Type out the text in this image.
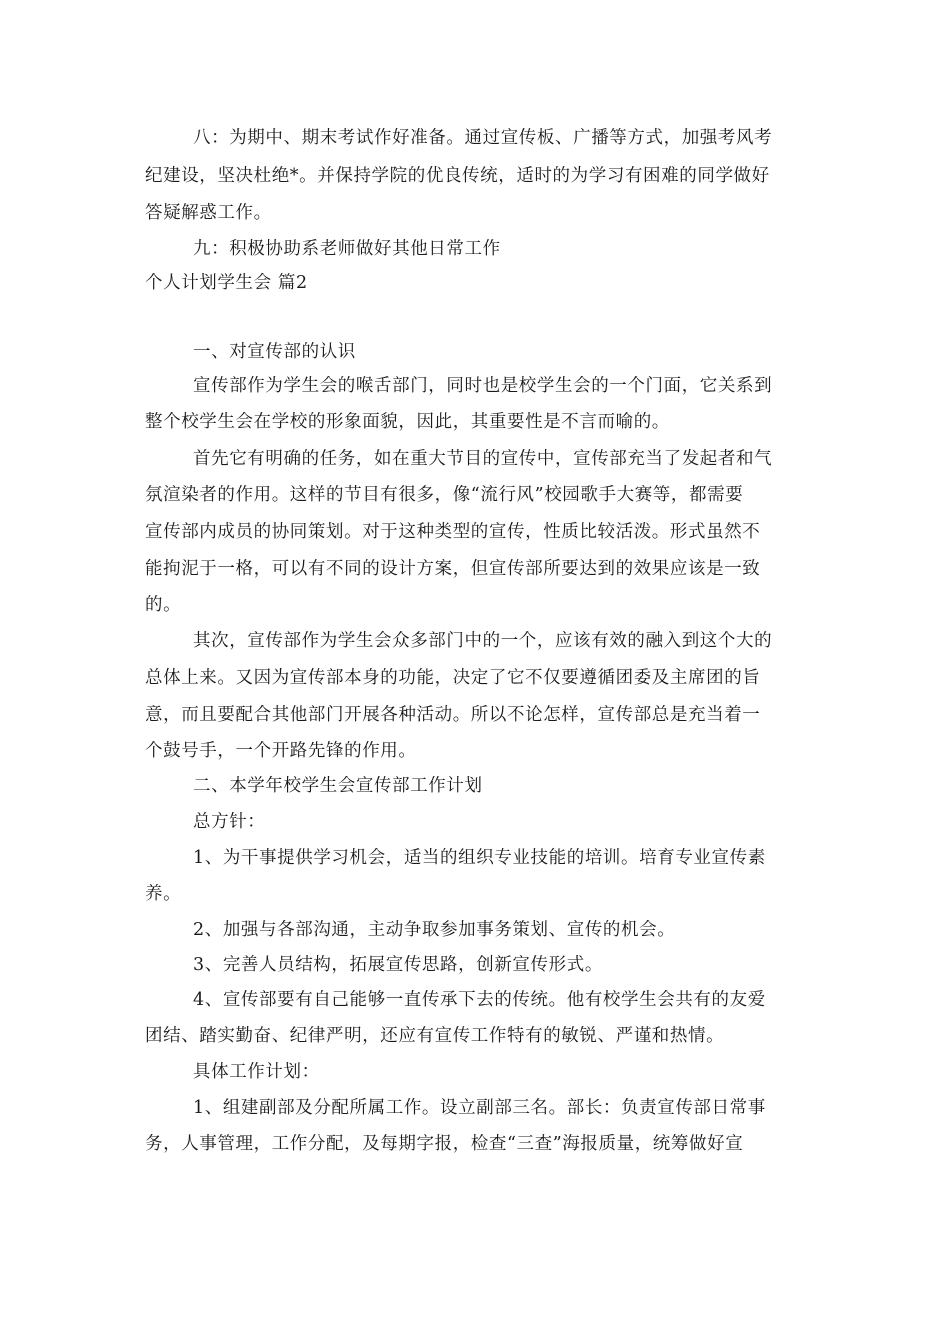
八：为期中、期末考试作好准备。通过宣传板、广播等方式，加强考风考
纪建设，坚决杜绝*。并保持学院的优良传统，适时的为学习有困难的同学做好
答疑解惑工作。
九：积极协助系老师做好其他日常工作
个人计划学生会 篇2
一、对宣传部的认识
宣传部作为学生会的喉舌部门，同时也是校学生会的一个门面，它关系到
整个校学生会在学校的形象面貌，因此，其重要性是不言而喻的。
首先它有明确的任务，如在重大节目的宣传中，宣传部充当了发起者和气
氛渲染者的作用。这样的节目有很多，像“流行风”校园歌手大赛等，都需要
宣传部内成员的协同策划。对于这种类型的宣传，性质比较活泼。形式虽然不
能拘泥于一格，可以有不同的设计方案，但宣传部所要达到的效果应该是一致
的。
其次，宣传部作为学生会众多部门中的一个，应该有效的融入到这个大的
总体上来。又因为宣传部本身的功能，决定了它不仅要遵循团委及主席团的旨
意，而且要配合其他部门开展各种活动。所以不论怎样，宣传部总是充当着一
个鼓号手，一个开路先锋的作用。
二、本学年校学生会宣传部工作计划
总方针：
1、为干事提供学习机会，适当的组织专业技能的培训。培育专业宣传素
养。
2、加强与各部沟通，主动争取参加事务策划、宣传的机会。
3、完善人员结构，拓展宣传思路，创新宣传形式。
4、宣传部要有自己能够一直传承下去的传统。他有校学生会共有的友爱
团结、踏实勤奋、纪律严明，还应有宣传工作特有的敏锐、严谨和热情。
具体工作计划：
1、组建副部及分配所属工作。设立副部三名。部长：负责宣传部日常事
务，人事管理，工作分配，及每期字报，检查“三查”海报质量，统筹做好宣
